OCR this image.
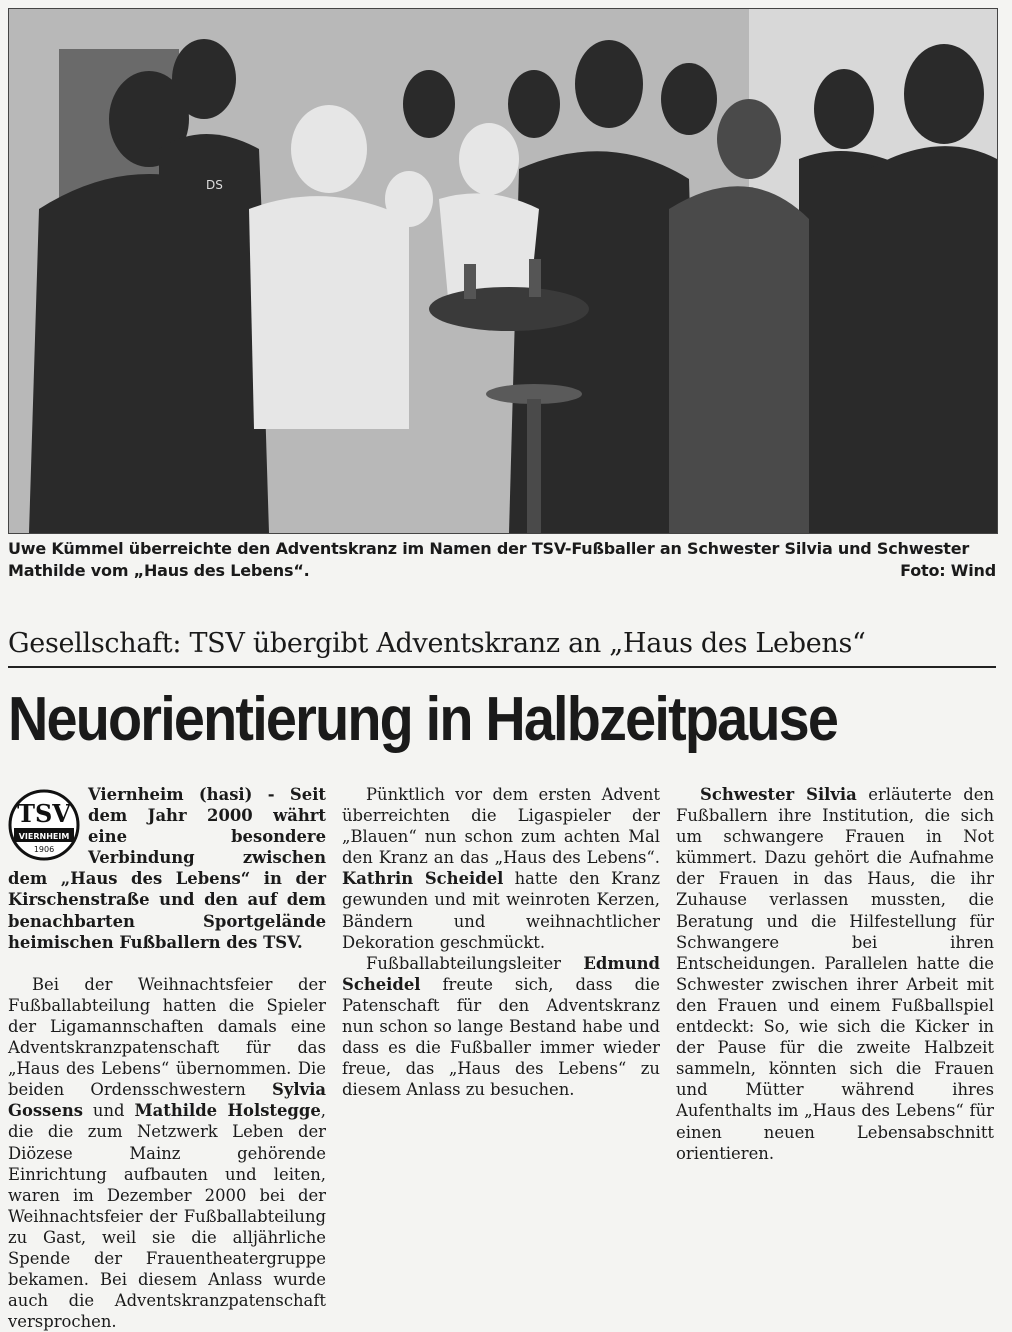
DS
Uwe Kümmel überreichte den Adventskranz im Namen der TSV-Fußballer an Schwester Silvia und Schwester Mathilde vom „Haus des Lebens“.	Foto: Wind
Gesellschaft: TSV übergibt Adventskranz an „Haus des Lebens“
Neuorientierung in Halbzeitpause
TSV
VIERNHEIM
1906

Viernheim (hasi) - Seit dem Jahr 2000 währt eine besondere Verbindung zwischen dem „Haus des Lebens“ in der Kirschenstraße und den auf dem benachbarten Sportgelände heimischen Fußballern des TSV.

Bei der Weihnachtsfeier der Fußballabteilung hatten die Spieler der Ligamannschaften damals eine Adventskranzpatenschaft für das „Haus des Lebens“ übernommen. Die beiden Ordensschwestern Sylvia Gossens und Mathilde Holstegge, die die zum Netzwerk Leben der Diözese Mainz gehörende Einrichtung aufbauten und leiten, waren im Dezember 2000 bei der Weihnachtsfeier der Fußballabteilung zu Gast, weil sie die alljährliche Spende der Frauentheatergruppe bekamen. Bei diesem Anlass wurde auch die Adventskranzpatenschaft versprochen.

Pünktlich vor dem ersten Advent überreichten die Ligaspieler der „Blauen“ nun schon zum achten Mal den Kranz an das „Haus des Lebens“. Kathrin Scheidel hatte den Kranz gewunden und mit weinroten Kerzen, Bändern und weihnachtlicher Dekoration geschmückt.

Fußballabteilungsleiter Edmund Scheidel freute sich, dass die Patenschaft für den Adventskranz nun schon so lange Bestand habe und dass es die Fußballer immer wieder freue, das „Haus des Lebens“ zu diesem Anlass zu besuchen.

Schwester Silvia erläuterte den Fußballern ihre Institution, die sich um schwangere Frauen in Not kümmert. Dazu gehört die Aufnahme der Frauen in das Haus, die ihr Zuhause verlassen mussten, die Beratung und die Hilfestellung für Schwangere bei ihren Entscheidungen. Parallelen hatte die Schwester zwischen ihrer Arbeit mit den Frauen und einem Fußballspiel entdeckt: So, wie sich die Kicker in der Pause für die zweite Halbzeit sammeln, könnten sich die Frauen und Mütter während ihres Aufenthalts im „Haus des Lebens“ für einen neuen Lebensabschnitt orientieren.
